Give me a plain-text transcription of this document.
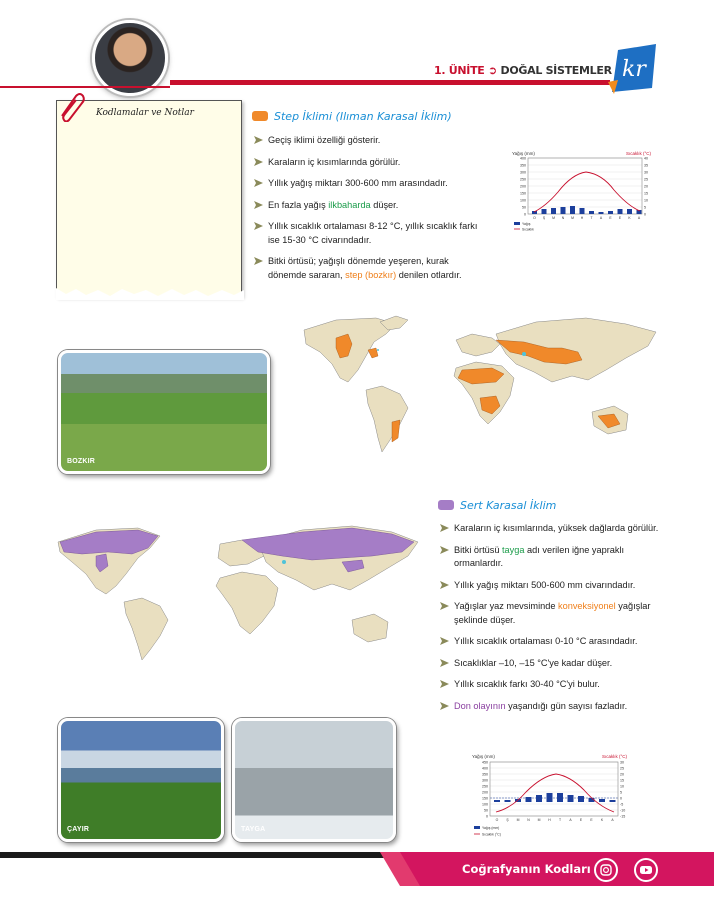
1. ÜNİTE ➲ DOĞAL SİSTEMLER kr
Kodlamalar ve Notlar	Step İklimi (Ilıman Karasal İklim)
Geçiş iklimi özelliği gösterir.
Karaların iç kısımlarında görülür.
Yıllık yağış miktarı 300-600 mm arasındadır.
En fazla yağış ilkbaharda düşer.
Yıllık sıcaklık ortalaması 8-12 °C, yıllık sıcaklık farkı ise 15-30 °C civarındadır.
Bitki örtüsü; yağışlı dönemde yeşeren, kurak dönemde sararan, step (bozkır) denilen otlardır.
Yağış (mm)	Sıcaklık (°C)
400
350
300
250
200
150
100
50
0
40
35
30
25
20
15
10
5
0
O Ş M N M H T A E E K A
Yağış
Sıcaklık
BOZKIR
Sert Karasal İklim
Karaların iç kısımlarında, yüksek dağlarda görülür.
Bitki örtüsü tayga adı verilen iğne yapraklı ormanlardır.
Yıllık yağış miktarı 500-600 mm civarındadır.
Yağışlar yaz mevsiminde konveksiyonel yağışlar şeklinde düşer.
Yıllık sıcaklık ortalaması 0-10 °C arasındadır.
Sıcaklıklar –10, –15 °C'ye kadar düşer.
Yıllık sıcaklık farkı 30-40 °C'yi bulur.
Don olayının yaşandığı gün sayısı fazladır.
ÇAYIR	TAYGA
Yağış (mm)	Sıcaklık (°C)
450
400
350
300
250
200
150
100
50
0
30
25
20
15
10
5
0
-5
-10
-15
O Ş M N M H T A E E K A
Yağış (mm)
Sıcaklık (°C)
Coğrafyanın Kodları
